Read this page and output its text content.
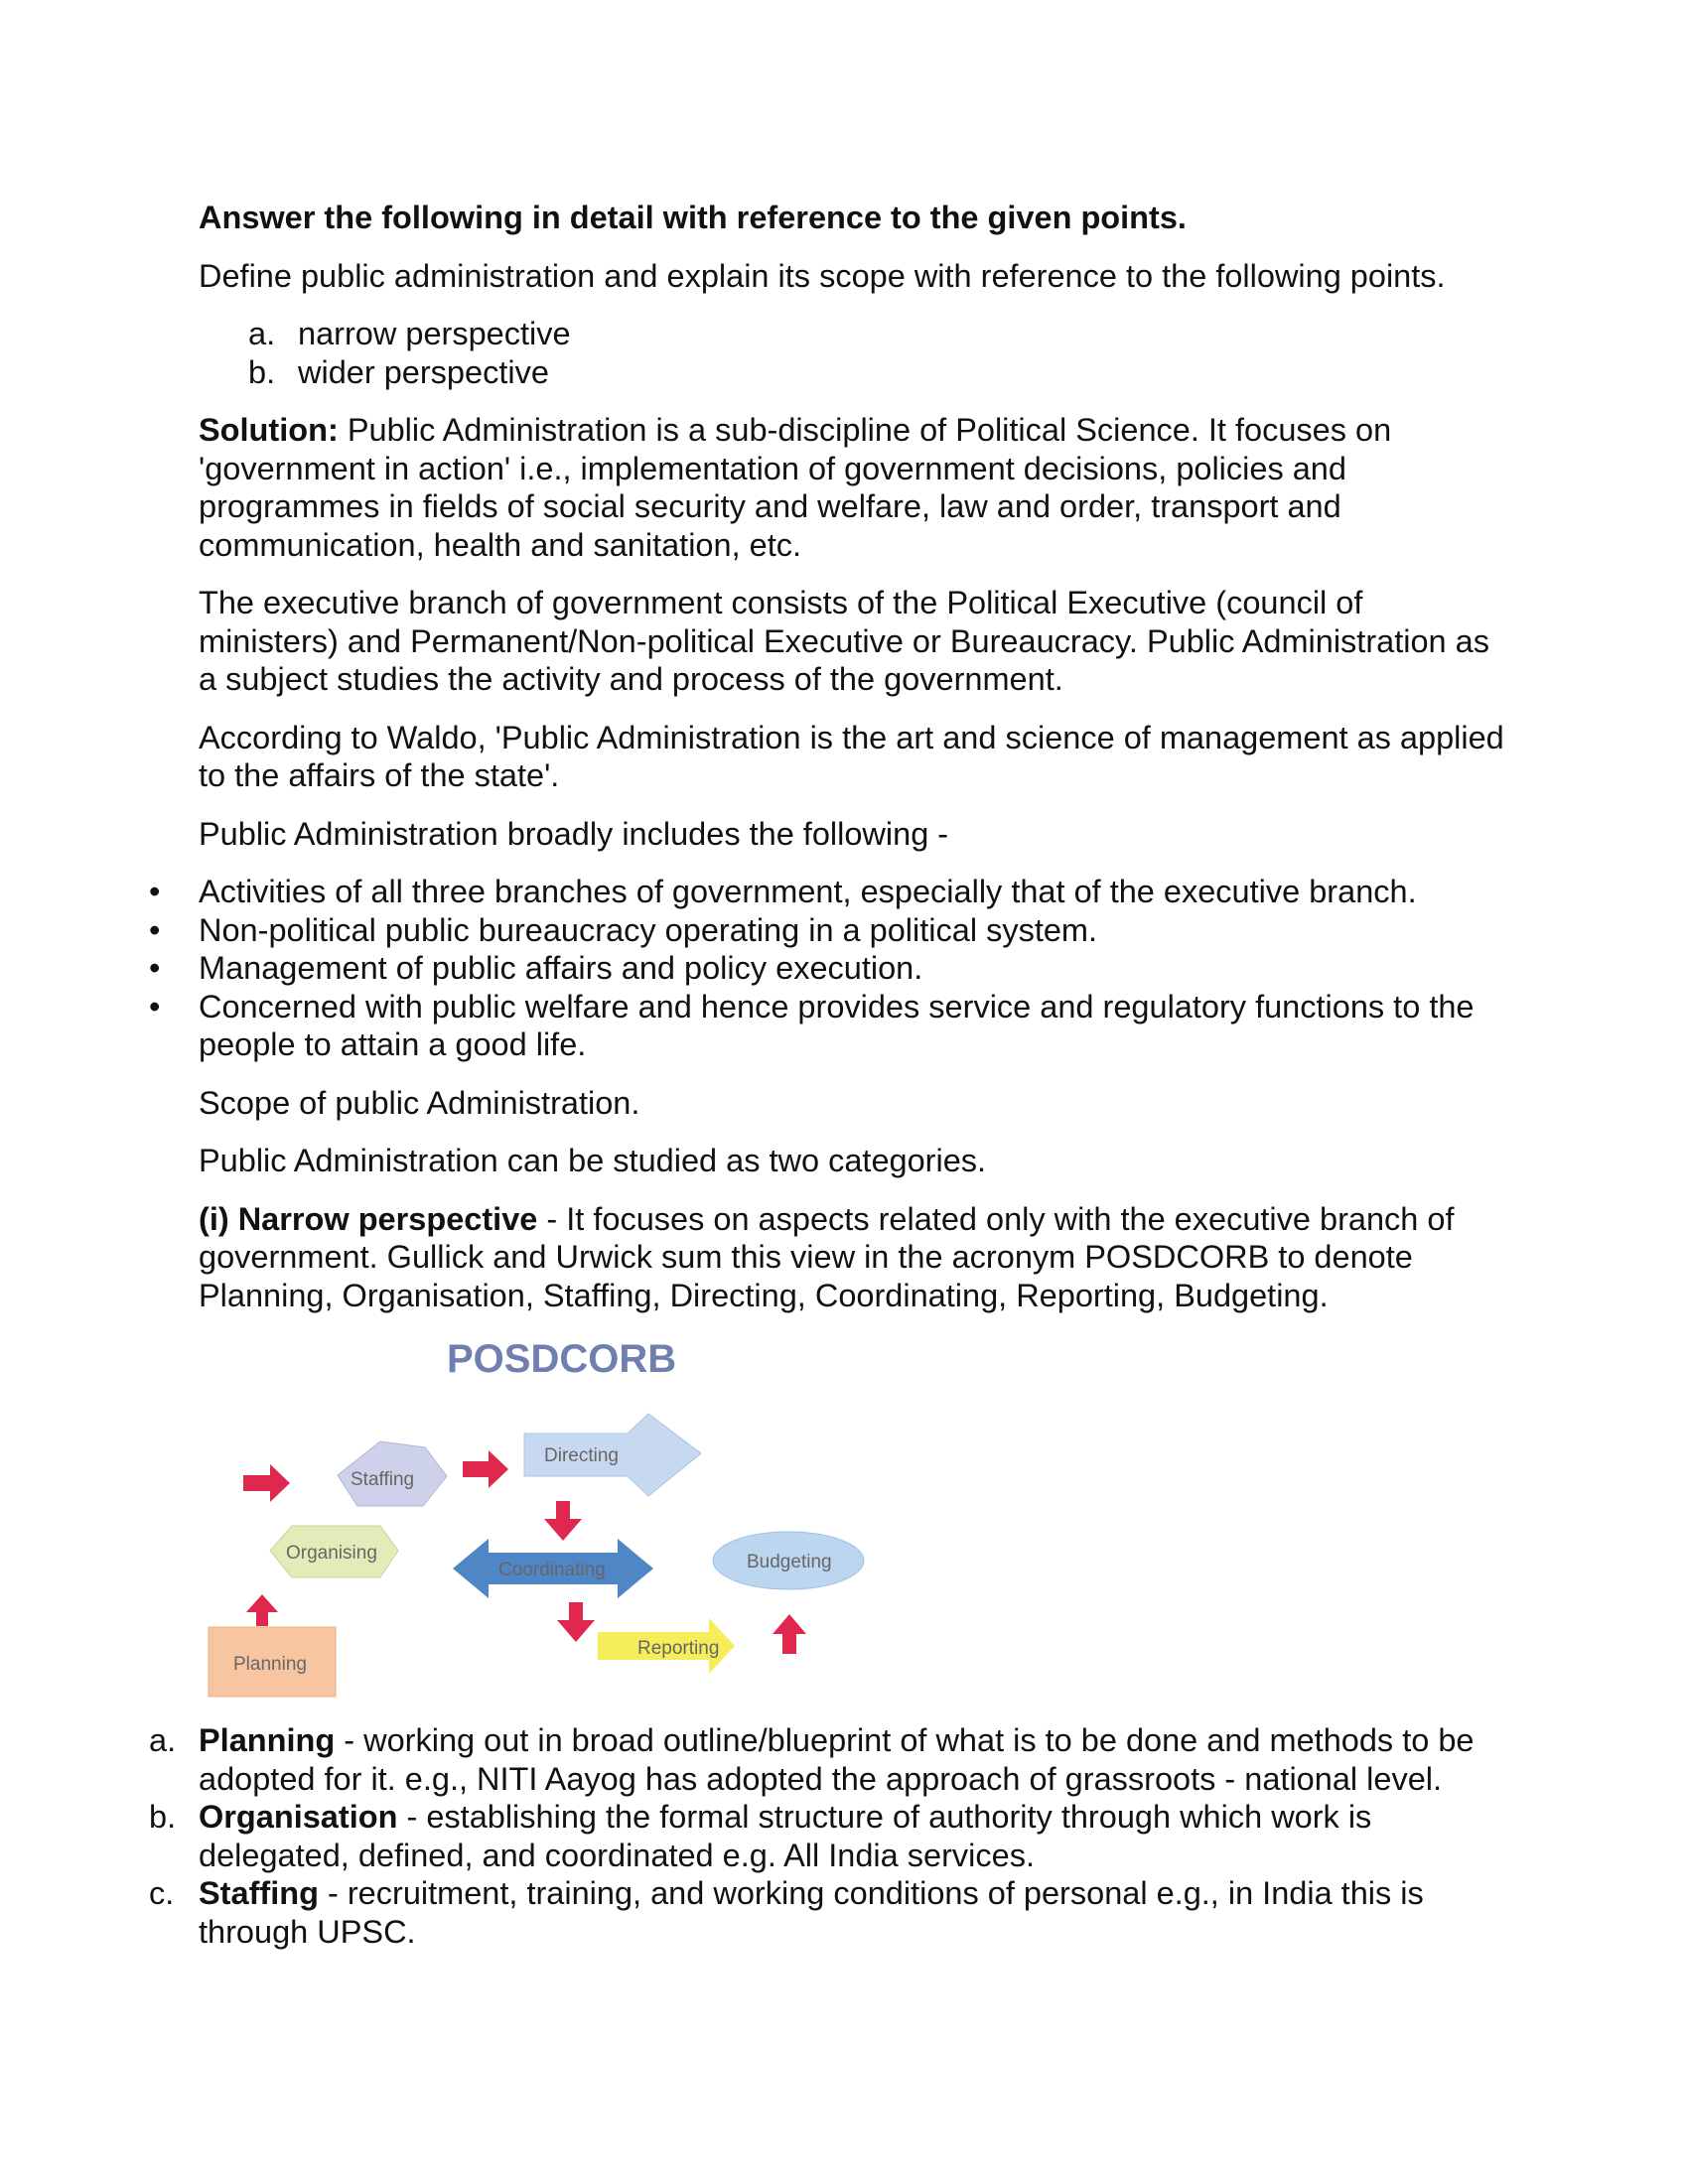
Answer the following in detail with reference to the given points.

Define public administration and explain its scope with reference to the following points.

a. narrow perspective
b. wider perspective

Solution: Public Administration is a sub-discipline of Political Science. It focuses on 'government in action' i.e., implementation of government decisions, policies and programmes in fields of social security and welfare, law and order, transport and communication, health and sanitation, etc.

The executive branch of government consists of the Political Executive (council of ministers) and Permanent/Non-political Executive or Bureaucracy. Public Administration as a subject studies the activity and process of the government.

According to Waldo, 'Public Administration is the art and science of management as applied to the affairs of the state'.

Public Administration broadly includes the following -

• Activities of all three branches of government, especially that of the executive branch.
• Non-political public bureaucracy operating in a political system.
• Management of public affairs and policy execution.
• Concerned with public welfare and hence provides service and regulatory functions to the people to attain a good life.

Scope of public Administration.

Public Administration can be studied as two categories.

(i) Narrow perspective - It focuses on aspects related only with the executive branch of government. Gullick and Urwick sum this view in the acronym POSDCORB to denote Planning, Organisation, Staffing, Directing, Coordinating, Reporting, Budgeting.

POSDCORB
Planning
Organising
Staffing
Directing
Coordinating
Reporting
Budgeting
a. Planning - working out in broad outline/blueprint of what is to be done and methods to be adopted for it. e.g., NITI Aayog has adopted the approach of grassroots - national level.
b. Organisation - establishing the formal structure of authority through which work is delegated, defined, and coordinated e.g. All India services.
c. Staffing - recruitment, training, and working conditions of personal e.g., in India this is through UPSC.
